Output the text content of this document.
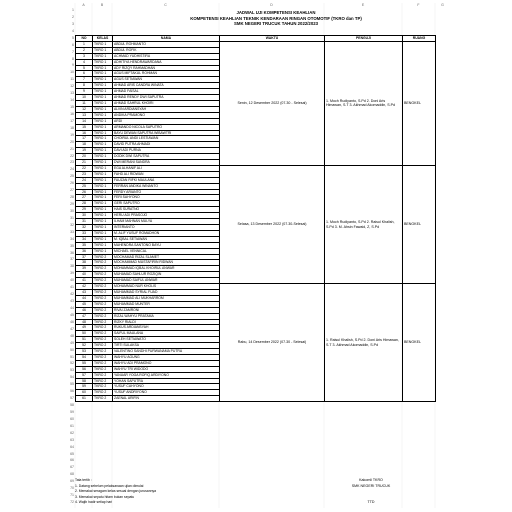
A	B	C	D	E	F	G
1
2
3
4
5
6
7
8
9
10
11
12
13
14
15
16
17
18
19
20
21
22
23
24
25
26
27
28
29
30
31
32
33
34
35
36
37
38
39
40
41
42
43
44
45
46
47
48
49
50
51
52
53
54
55
56
57
58
59
60
61
62
63
64
65
66
67
68
69
70
71
72
JADWAL UJI KOMPETENSI KEAHLIAN
KOMPETENSI KEAHLIAN TEKNIK KENDARAAN RINGAN OTOMOTIF (TKRO dan TP)
SMK NEGERI TRUCUK TAHUN 2022/2023
NO	KELAS	NAMA	WAKTU	PENGUJI	RUANG
1	TKRO 1	ABDUL ROHMANTO	Senin, 12 Desember 2022 (07.30 - Selesai)	1. Moch Rudiyanto, S.Pd 2. Doni Aris Himawan, S.T 3. Akhmad Akomaddin, S.Pd	BENGKEL
2	TKRO 1	ABDUL ROFIK			
3	TKRO 1	ACHMAD YUDHISTIRA			
4	TKRO 1	ADHITIYA HENDRAWARDANA			
5	TKRO 1	ADY RIZQY RAHMADHAN			
6	TKRO 1	AGUS MIFTAKUL ROHMAN			
7	TKRO 1	AGUS SETIAWAN			
8	TKRO 1	AHMAD ARIS CANDRA WINATA			
9	TKRO 1	AHMAD FAISAL			
10	TKRO 1	AHMAD RENDY DWI SAPUTRA			
11	TKRO 1	AHMAD SAHRUL KHOIRI			
12	TKRO 1	ALVIN ARDIANSYAH			
13	TKRO 1	ANDIKA PRAMONO			
14	TKRO 1	ARDI			
15	TKRO 1	ARMANDO NICOLA SAPUTRO			
16	TKRO 1	BAYU DEWAN SAPUTRA WIBAWTRI			
17	TKRO 1	CHOIRUL ANDI LESTIAWAN			
18	TKRO 1	DAVID PUTRA AHMADI			
19	TKRO 1	DAVI ADI PURNA			
20	TKRO 1	DODIK DWI SAPUTRA			
21	TKRO 1	DWI MERANI SANDRA			
22	TKRO 1	EGA ALHANIF ALI	Selasa, 13 Desember 2022 (07.30-Selesai)	1. Moch Rudiyanto, S.Pd 2. Raisul Khalish, S.Pd 3. M. Ahsin Fawaid, Z, S.Pd	BENGKEL
23	TKRO 1	FAHD ALI RIDWAN			
24	TKRO 1	FAUZAN RIFKI MAULANA			
25	TKRO 1	FERRAN ANDIKA WINANTO			
26	TKRO 1	FERDY ARIANTO			
27	TKRO 1	FERI SAHYONO			
28	TKRO 1	GERI SAPUTRO			
29	TKRO 1	HAIS SURATNO			
30	TKRO 1	HERU ADI PRASOJO			
31	TKRO 1	ILHAM MAHNAN MULYA			
32	TKRO 1	INTERIANTO			
33	TKRO 1	M. ALIF YUSUF ROMADHON			
34	TKRO 1	M. IQBAL SETIAWAN			
35	TKRO 1	MAHENDRA SANTONO BAYU			
36	TKRO 1	MICHAEL VENNICAL			
37	TKRO 2	MOCHAMAD RIZAL SLAMET			
38	TKRO 2	MOCHAMMAD MUSTAFIRIN RIDWAN			
39	TKRO 2	MOHAMMAD IQBAL KHOIRUL ANWAR			
40	TKRO 2	MUHAMAD SAHLUR ROZIQIN			
41	TKRO 2	MUHAMAD SAIFUL ANWAR			
42	TKRO 2	MOHAMMAD NUR KHOLIS	Rabu, 14 Desember 2022 (07.30 - Selesai)	1. Raisul Khalish, S.Pd 2. Doni Aris Himawan, S.T 3. Akhmad Akomaddin, S.Pd	BENGKEL
43	TKRO 2	MUHAMMAD SYRIAL FUAD			
44	TKRO 2	MUHAMMAD ALI MUKHARROM			
45	TKRO 2	MUHAMMAD MUNTER			
46	TKRO 2	RIVAI ZAMRONI			
47	TKRO 2	RIZAL WAHYU PRATAMA			
48	TKRO 2	RIZKY RIALDI			
49	TKRO 2	RUKUS ARDIANSYAH			
50	TKRO 2	SAIFUL MAULANA			
51	TKRO 2	SOLEH SETIAWATO			
52	TKRO 2	TIRTI SULAKSA			
53	TKRO 2	VALENTINO SANDHI PURWANAMA PUTRA			
54	TKRO 2	WAHYU AGUNG			
55	TKRO 2	WAHYU ADI PRAMONO			
56	TKRO 2	WAHYU TRI WIDODO			
57	TKRO 2	YANUAR YOGA ROFIQ ARDIYONO			
58	TKRO 2	YOHAN SAPUTRA			
59	TKRO 2	YUSUF CAHYONO			
60	TKRO 2	YUSUF ANDRIYONO			
61	TKRO 2	ZAENAL ARIFIN			
Tata tertib :
1. Datang sebelum pelaksanaan ujian dimulai
2. Memakai seragam kelas sesuai dengan jurusannya
3. Memakai sepatu hitam bukan sepatu
4. Wajib hadir setiap hari
Kakomli TKRO
SMK NEGERI TRUCUK
TTD
